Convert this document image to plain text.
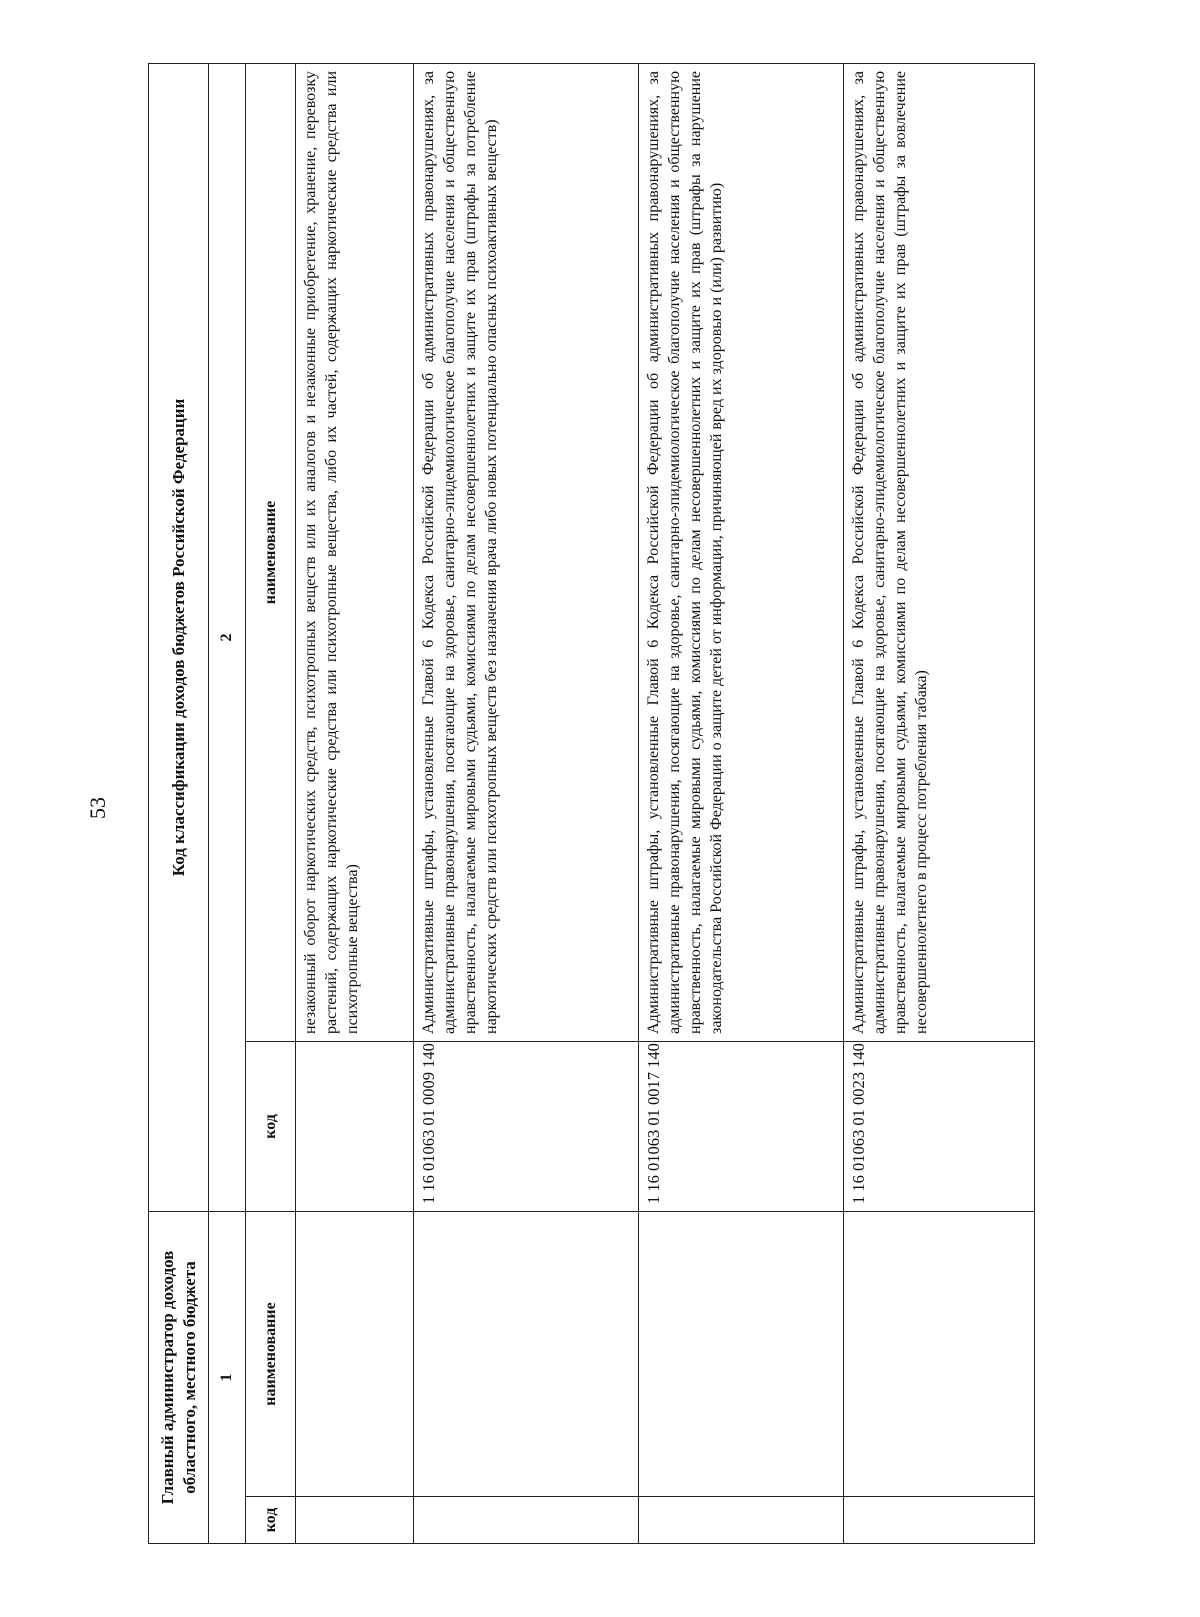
53
Главный администратор доходов областного, местного бюджета		Код классификации доходов бюджетов Российской Федерации	
1		2	
код	наименование	код	наименование
			незаконный оборот наркотических средств, психотропных веществ или их аналогов и незаконные приобретение, хранение, перевозку растений, содержащих наркотические средства или психотропные вещества, либо их частей, содержащих наркотические средства или психотропные вещества)
		1 16 01063 01 0009 140	Административные штрафы, установленные Главой 6 Кодекса Российской Федерации об административных правонарушениях, за административные правонарушения, посягающие на здоровье, санитарно-эпидемиологическое благополучие населения и общественную нравственность, налагаемые мировыми судьями, комиссиями по делам несовершеннолетних и защите их прав (штрафы за потребление наркотических средств или психотропных веществ без назначения врача либо новых потенциально опасных психоактивных веществ)
		1 16 01063 01 0017 140	Административные штрафы, установленные Главой 6 Кодекса Российской Федерации об административных правонарушениях, за административные правонарушения, посягающие на здоровье, санитарно-эпидемиологическое благополучие населения и общественную нравственность, налагаемые мировыми судьями, комиссиями по делам несовершеннолетних и защите их прав (штрафы за нарушение законодательства Российской Федерации о защите детей от информации, причиняющей вред их здоровью и (или) развитию)
		1 16 01063 01 0023 140	Административные штрафы, установленные Главой 6 Кодекса Российской Федерации об административных правонарушениях, за административные правонарушения, посягающие на здоровье, санитарно-эпидемиологическое благополучие населения и общественную нравственность, налагаемые мировыми судьями, комиссиями по делам несовершеннолетних и защите их прав (штрафы за вовлечение несовершеннолетнего в процесс потребления табака)
